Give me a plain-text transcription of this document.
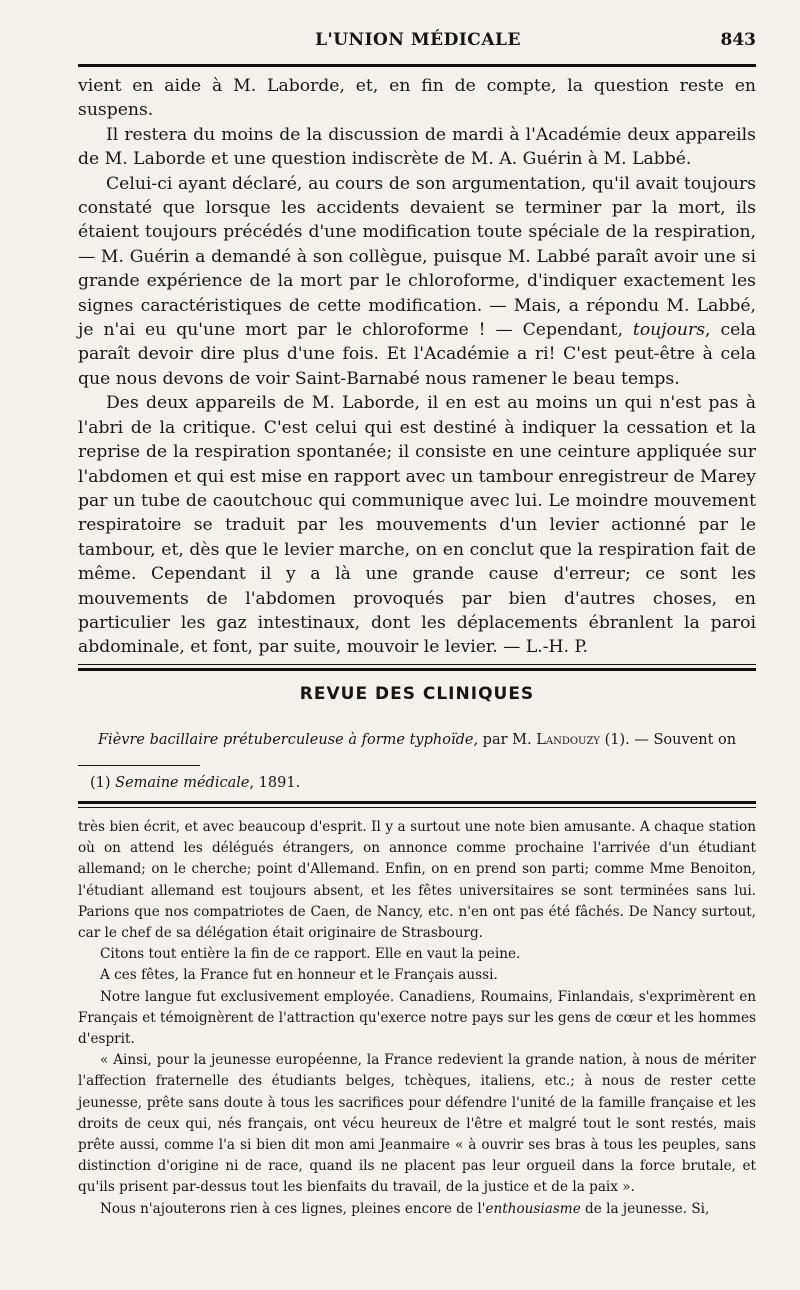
L'UNION MÉDICALE	843

vient en aide à M. Laborde, et, en fin de compte, la question reste en suspens.

Il restera du moins de la discussion de mardi à l'Académie deux appareils de M. Laborde et une question indiscrète de M. A. Guérin à M. Labbé.

Celui-ci ayant déclaré, au cours de son argumentation, qu'il avait toujours constaté que lorsque les accidents devaient se terminer par la mort, ils étaient toujours précédés d'une modification toute spéciale de la respiration, — M. Guérin a demandé à son collègue, puisque M. Labbé paraît avoir une si grande expérience de la mort par le chloroforme, d'indiquer exactement les signes caractéristiques de cette modification. — Mais, a répondu M. Labbé, je n'ai eu qu'une mort par le chloroforme ! — Cependant, toujours, cela paraît devoir dire plus d'une fois. Et l'Académie a ri! C'est peut-être à cela que nous devons de voir Saint-Barnabé nous ramener le beau temps.

Des deux appareils de M. Laborde, il en est au moins un qui n'est pas à l'abri de la critique. C'est celui qui est destiné à indiquer la cessation et la reprise de la respiration spontanée; il consiste en une ceinture appliquée sur l'abdomen et qui est mise en rapport avec un tambour enregistreur de Marey par un tube de caoutchouc qui communique avec lui. Le moindre mouvement respiratoire se traduit par les mouvements d'un levier actionné par le tambour, et, dès que le levier marche, on en conclut que la respiration fait de même. Cependant il y a là une grande cause d'erreur; ce sont les mouvements de l'abdomen provoqués par bien d'autres choses, en particulier les gaz intestinaux, dont les déplacements ébranlent la paroi abdominale, et font, par suite, mouvoir le levier. — L.-H. P.

REVUE DES CLINIQUES
Fièvre bacillaire prétuberculeuse à forme typhoïde, par M. Landouzy (1). — Souvent on
(1) Semaine médicale, 1891.

très bien écrit, et avec beaucoup d'esprit. Il y a surtout une note bien amusante. A chaque station où on attend les délégués étrangers, on annonce comme prochaine l'arrivée d'un étudiant allemand; on le cherche; point d'Allemand. Enfin, on en prend son parti; comme Mme Benoiton, l'étudiant allemand est toujours absent, et les fêtes universitaires se sont terminées sans lui. Parions que nos compatriotes de Caen, de Nancy, etc. n'en ont pas été fâchés. De Nancy surtout, car le chef de sa délégation était originaire de Strasbourg.

Citons tout entière la fin de ce rapport. Elle en vaut la peine.

A ces fêtes, la France fut en honneur et le Français aussi.

Notre langue fut exclusivement employée. Canadiens, Roumains, Finlandais, s'exprimèrent en Français et témoignèrent de l'attraction qu'exerce notre pays sur les gens de cœur et les hommes d'esprit.

« Ainsi, pour la jeunesse européenne, la France redevient la grande nation, à nous de mériter l'affection fraternelle des étudiants belges, tchèques, italiens, etc.; à nous de rester cette jeunesse, prête sans doute à tous les sacrifices pour défendre l'unité de la famille française et les droits de ceux qui, nés français, ont vécu heureux de l'être et malgré tout le sont restés, mais prête aussi, comme l'a si bien dit mon ami Jeanmaire « à ouvrir ses bras à tous les peuples, sans distinction d'origine ni de race, quand ils ne placent pas leur orgueil dans la force brutale, et qu'ils prisent par-dessus tout les bienfaits du travail, de la justice et de la paix ».

Nous n'ajouterons rien à ces lignes, pleines encore de l'enthousiasme de la jeunesse. Si,
